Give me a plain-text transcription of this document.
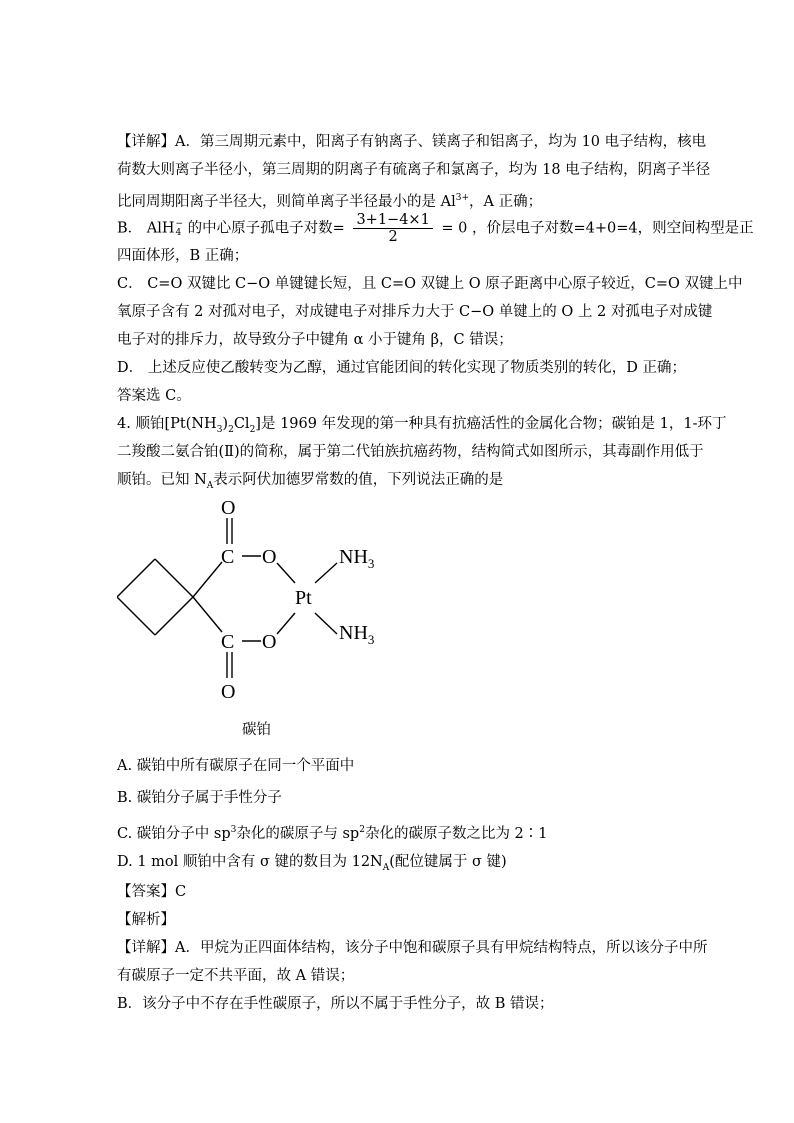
【详解】A．第三周期元素中，阳离子有钠离子、镁离子和铝离子，均为 10 电子结构，核电
荷数大则离子半径小，第三周期的阴离子有硫离子和氯离子，均为 18 电子结构，阴离子半径
比同周期阳离子半径大，则简单离子半径最小的是 $Al^{3+}$，A 正确；
B． AlH −
4 的中心原子孤电子对数= $\frac{3+1-4\times 1}{2} = 0$ ，价层电子对数=4+0=4，则空间构型是正
四面体形，B 正确；
C． C=O 双键比 C−O 单键键长短，且 C=O 双键上 O 原子距离中心原子较近，C=O 双键上中
氧原子含有 2 对孤对电子，对成键电子对排斥力大于 C−O 单键上的 O 上 2 对孤电子对成键
电子对的排斥力，故导致分子中键角 α 小于键角 β，C 错误；
D． 上述反应使乙酸转变为乙醇，通过官能团间的转化实现了物质类别的转化，D 正确；
答案选 C。
4. 顺铂$[Pt(NH_3)_2Cl_2]$是 1969 年发现的第一种具有抗癌活性的金属化合物；碳铂是 1，1-环丁
二羧酸二氨合铂(Ⅱ)的简称，属于第二代铂族抗癌药物，结构简式如图所示，其毒副作用低于
顺铂。已知 $N_A$表示阿伏加德罗常数的值，下列说法正确的是
O
C O
Pt
$NH_3$
C O	$NH_3$
O
碳铂
A. 碳铂中所有碳原子在同一个平面中
B. 碳铂分子属于手性分子
C. 碳铂分子中 $sp^3$杂化的碳原子与 $sp^2$杂化的碳原子数之比为 2∶1
D. 1 mol 顺铂中含有 σ 键的数目为 $12N_A$(配位键属于 σ 键)
【答案】C
【解析】
【详解】A．甲烷为正四面体结构，该分子中饱和碳原子具有甲烷结构特点，所以该分子中所
有碳原子一定不共平面，故 A 错误；
B．该分子中不存在手性碳原子，所以不属于手性分子，故 B 错误；
